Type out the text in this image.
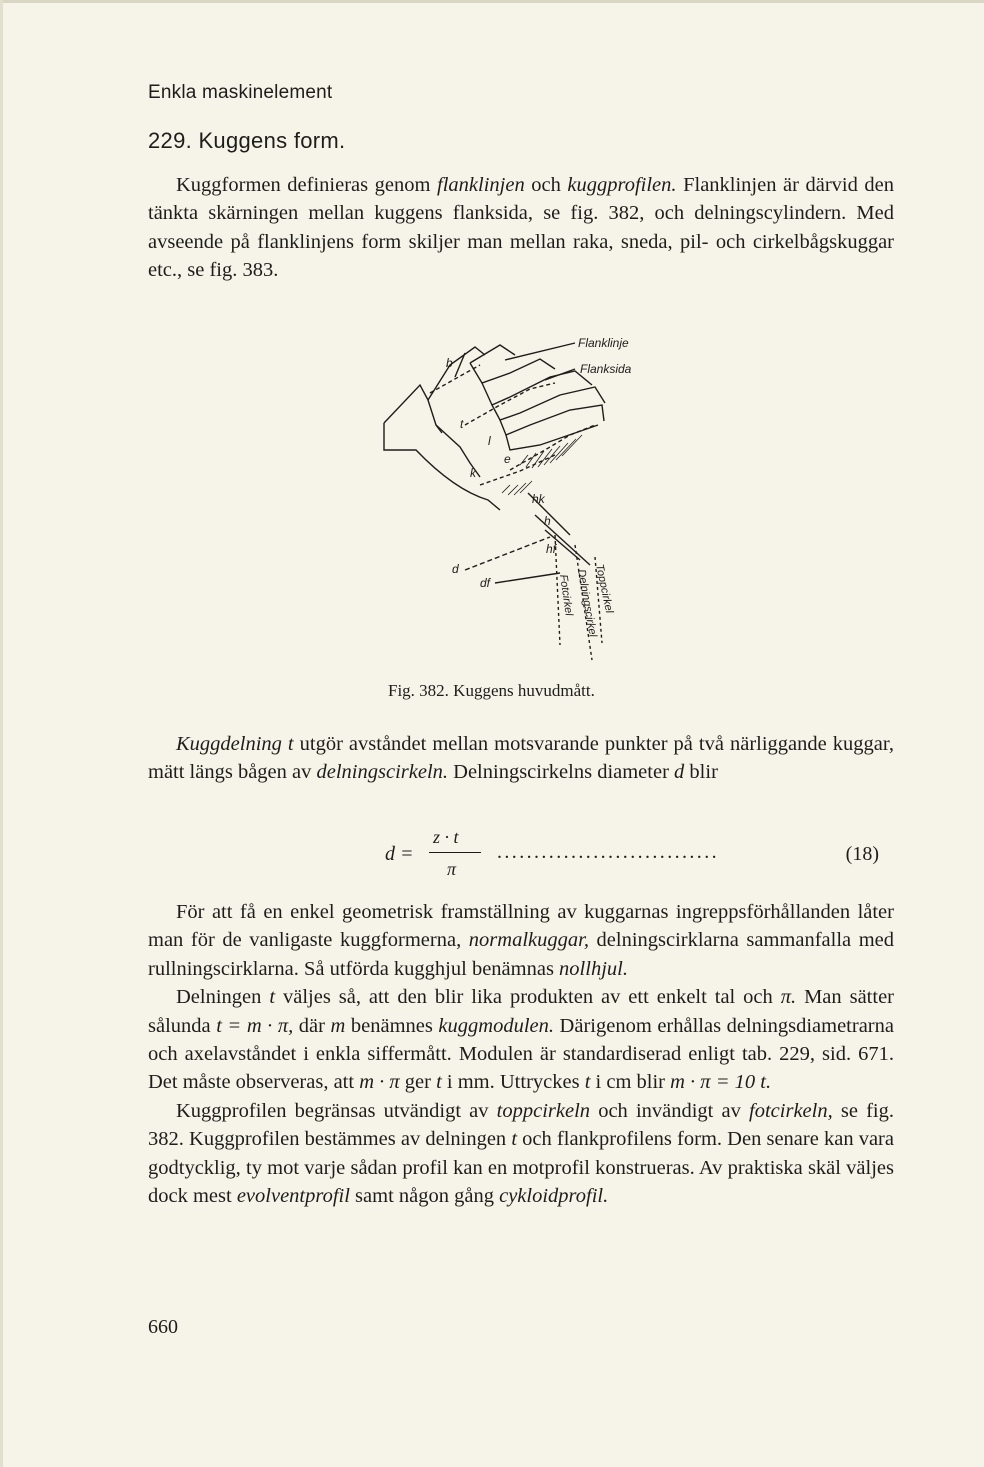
Enkla maskinelement
229. Kuggens form.

Kuggformen definieras genom flanklinjen och kuggprofilen. Flanklinjen är därvid den tänkta skärningen mellan kuggens flanksida, se fig. 382, och delningscylindern. Med avseende på flanklinjens form skiljer man mellan raka, sneda, pil- och cirkelbågskuggar etc., se fig. 383.

Flanklinje
Flanksida
b
t
l
e
k
hk
h
hf
d
df	Fotcirkel Delningscirkel
Toppcirkel
Fig. 382. Kuggens huvudmått.

Kuggdelning t utgör avståndet mellan motsvarande punkter på två närliggande kuggar, mätt längs bågen av delningscirkeln. Delningscirkelns diameter d blir

d =
z · t
π
..............................	(18)

För att få en enkel geometrisk framställning av kuggarnas ingreppsförhållanden låter man för de vanligaste kuggformerna, normalkuggar, delningscirklarna sammanfalla med rullningscirklarna. Så utförda kugghjul benämnas nollhjul.

Delningen t väljes så, att den blir lika produkten av ett enkelt tal och π. Man sätter sålunda t = m · π, där m benämnes kuggmodulen. Därigenom erhållas delningsdiametrarna och axelavståndet i enkla siffermått. Modulen är standardiserad enligt tab. 229, sid. 671. Det måste observeras, att m · π ger t i mm. Uttryckes t i cm blir m · π = 10 t.

Kuggprofilen begränsas utvändigt av toppcirkeln och invändigt av fotcirkeln, se fig. 382. Kuggprofilen bestämmes av delningen t och flankprofilens form. Den senare kan vara godtycklig, ty mot varje sådan profil kan en motprofil konstrueras. Av praktiska skäl väljes dock mest evolventprofil samt någon gång cykloidprofil.

660
